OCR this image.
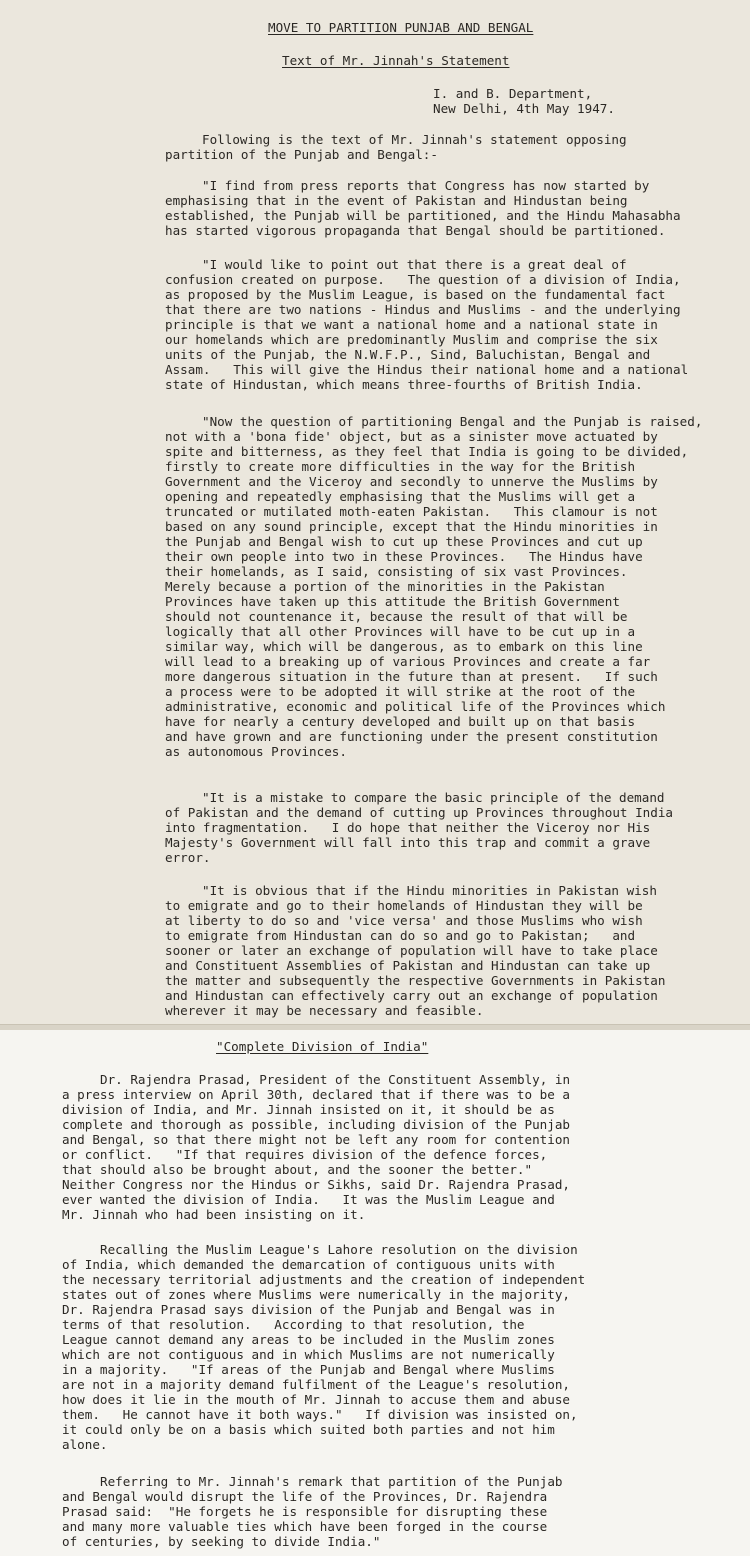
MOVE TO PARTITION PUNJAB AND BENGAL
Text of Mr. Jinnah's Statement
I. and B. Department,
New Delhi, 4th May 1947.
Following is the text of Mr. Jinnah's statement opposing
partition of the Punjab and Bengal:-
"I find from press reports that Congress has now started by
emphasising that in the event of Pakistan and Hindustan being
established, the Punjab will be partitioned, and the Hindu Mahasabha
has started vigorous propaganda that Bengal should be partitioned.
"I would like to point out that there is a great deal of
confusion created on purpose.   The question of a division of India,
as proposed by the Muslim League, is based on the fundamental fact
that there are two nations - Hindus and Muslims - and the underlying
principle is that we want a national home and a national state in
our homelands which are predominantly Muslim and comprise the six
units of the Punjab, the N.W.F.P., Sind, Baluchistan, Bengal and
Assam.   This will give the Hindus their national home and a national
state of Hindustan, which means three-fourths of British India.
"Now the question of partitioning Bengal and the Punjab is raised,
not with a 'bona fide' object, but as a sinister move actuated by
spite and bitterness, as they feel that India is going to be divided,
firstly to create more difficulties in the way for the British
Government and the Viceroy and secondly to unnerve the Muslims by
opening and repeatedly emphasising that the Muslims will get a
truncated or mutilated moth-eaten Pakistan.   This clamour is not
based on any sound principle, except that the Hindu minorities in
the Punjab and Bengal wish to cut up these Provinces and cut up
their own people into two in these Provinces.   The Hindus have
their homelands, as I said, consisting of six vast Provinces.
Merely because a portion of the minorities in the Pakistan
Provinces have taken up this attitude the British Government
should not countenance it, because the result of that will be
logically that all other Provinces will have to be cut up in a
similar way, which will be dangerous, as to embark on this line
will lead to a breaking up of various Provinces and create a far
more dangerous situation in the future than at present.   If such
a process were to be adopted it will strike at the root of the
administrative, economic and political life of the Provinces which
have for nearly a century developed and built up on that basis
and have grown and are functioning under the present constitution
as autonomous Provinces.
"It is a mistake to compare the basic principle of the demand
of Pakistan and the demand of cutting up Provinces throughout India
into fragmentation.   I do hope that neither the Viceroy nor His
Majesty's Government will fall into this trap and commit a grave
error.
"It is obvious that if the Hindu minorities in Pakistan wish
to emigrate and go to their homelands of Hindustan they will be
at liberty to do so and 'vice versa' and those Muslims who wish
to emigrate from Hindustan can do so and go to Pakistan;   and
sooner or later an exchange of population will have to take place
and Constituent Assemblies of Pakistan and Hindustan can take up
the matter and subsequently the respective Governments in Pakistan
and Hindustan can effectively carry out an exchange of population
wherever it may be necessary and feasible.
"Complete Division of India"
Dr. Rajendra Prasad, President of the Constituent Assembly, in
a press interview on April 30th, declared that if there was to be a
division of India, and Mr. Jinnah insisted on it, it should be as
complete and thorough as possible, including division of the Punjab
and Bengal, so that there might not be left any room for contention
or conflict.   "If that requires division of the defence forces,
that should also be brought about, and the sooner the better."
Neither Congress nor the Hindus or Sikhs, said Dr. Rajendra Prasad,
ever wanted the division of India.   It was the Muslim League and
Mr. Jinnah who had been insisting on it.
Recalling the Muslim League's Lahore resolution on the division
of India, which demanded the demarcation of contiguous units with
the necessary territorial adjustments and the creation of independent
states out of zones where Muslims were numerically in the majority,
Dr. Rajendra Prasad says division of the Punjab and Bengal was in
terms of that resolution.   According to that resolution, the
League cannot demand any areas to be included in the Muslim zones
which are not contiguous and in which Muslims are not numerically
in a majority.   "If areas of the Punjab and Bengal where Muslims
are not in a majority demand fulfilment of the League's resolution,
how does it lie in the mouth of Mr. Jinnah to accuse them and abuse
them.   He cannot have it both ways."   If division was insisted on,
it could only be on a basis which suited both parties and not him
alone.
Referring to Mr. Jinnah's remark that partition of the Punjab
and Bengal would disrupt the life of the Provinces, Dr. Rajendra
Prasad said:  "He forgets he is responsible for disrupting these
and many more valuable ties which have been forged in the course
of centuries, by seeking to divide India."
